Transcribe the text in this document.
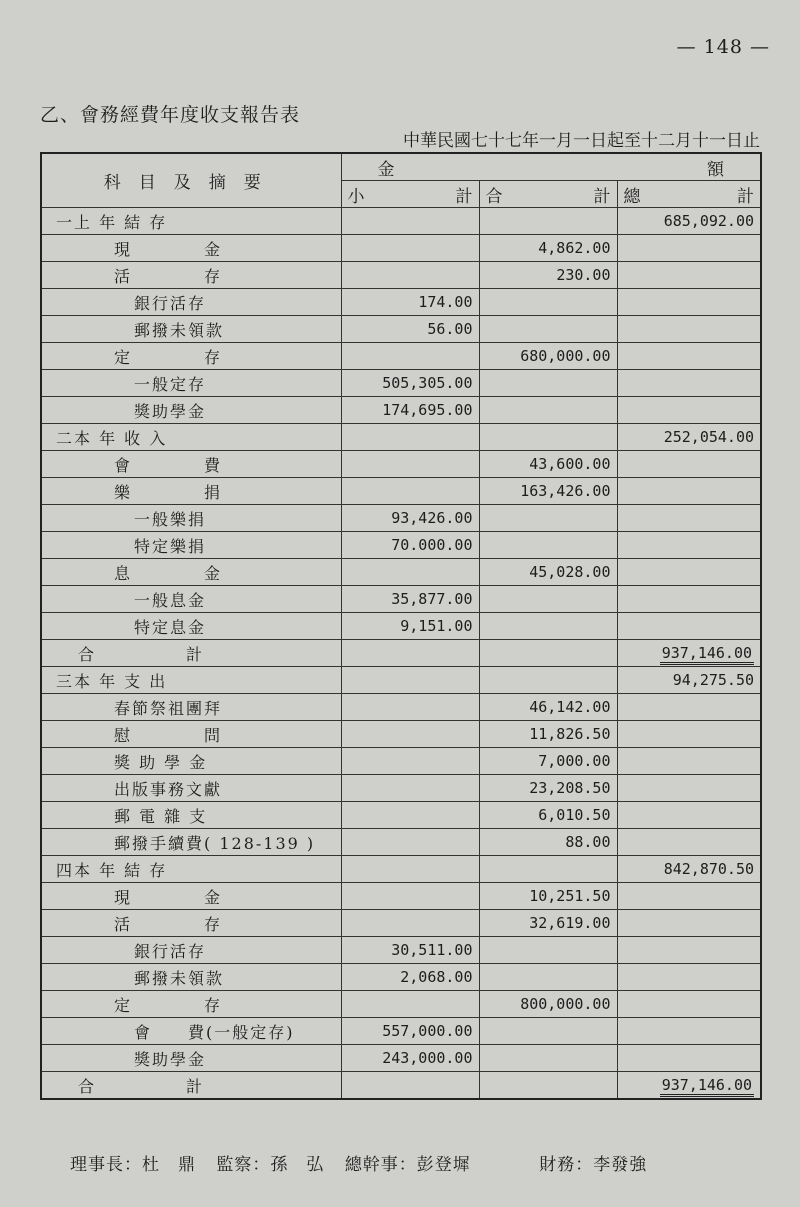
— 148 —
乙、會務經費年度收支報告表
中華民國七十七年一月一日起至十二月十一日止
科目及摘要	金 額		

	小 計	合 計	總 計

一上 年 結 存			685,092.00
現　　　　金		4,862.00	
活　　　　存		230.00	
銀行活存	174.00		
郵撥未領款	56.00		
定　　　　存		680,000.00	
一般定存	505,305.00		
獎助學金	174,695.00		
二本 年 收 入			252,054.00
會　　　　費		43,600.00	
樂　　　　捐		163,426.00	
一般樂捐	93,426.00		
特定樂捐	70.000.00		
息　　　　金		45,028.00	
一般息金	35,877.00		
特定息金	9,151.00		
合　　　　　計			937,146.00
三本 年 支 出			94,275.50
春節祭祖團拜		46,142.00	
慰　　　　問		11,826.50	
獎 助 學 金		7,000.00	
出版事務文獻		23,208.50	
郵 電 雜 支		6,010.50	
郵撥手續費( 128-139 )		88.00	
四本 年 結 存			842,870.50
現　　　　金		10,251.50	
活　　　　存		32,619.00	
銀行活存	30,511.00		
郵撥未領款	2,068.00		
定　　　　存		800,000.00	
會　　費(一般定存)	557,000.00		
獎助學金	243,000.00		
合　　　　　計			937,146.00
理事長：杜　鼎 監察：孫　弘 總幹事：彭登墀	財務：李發強
